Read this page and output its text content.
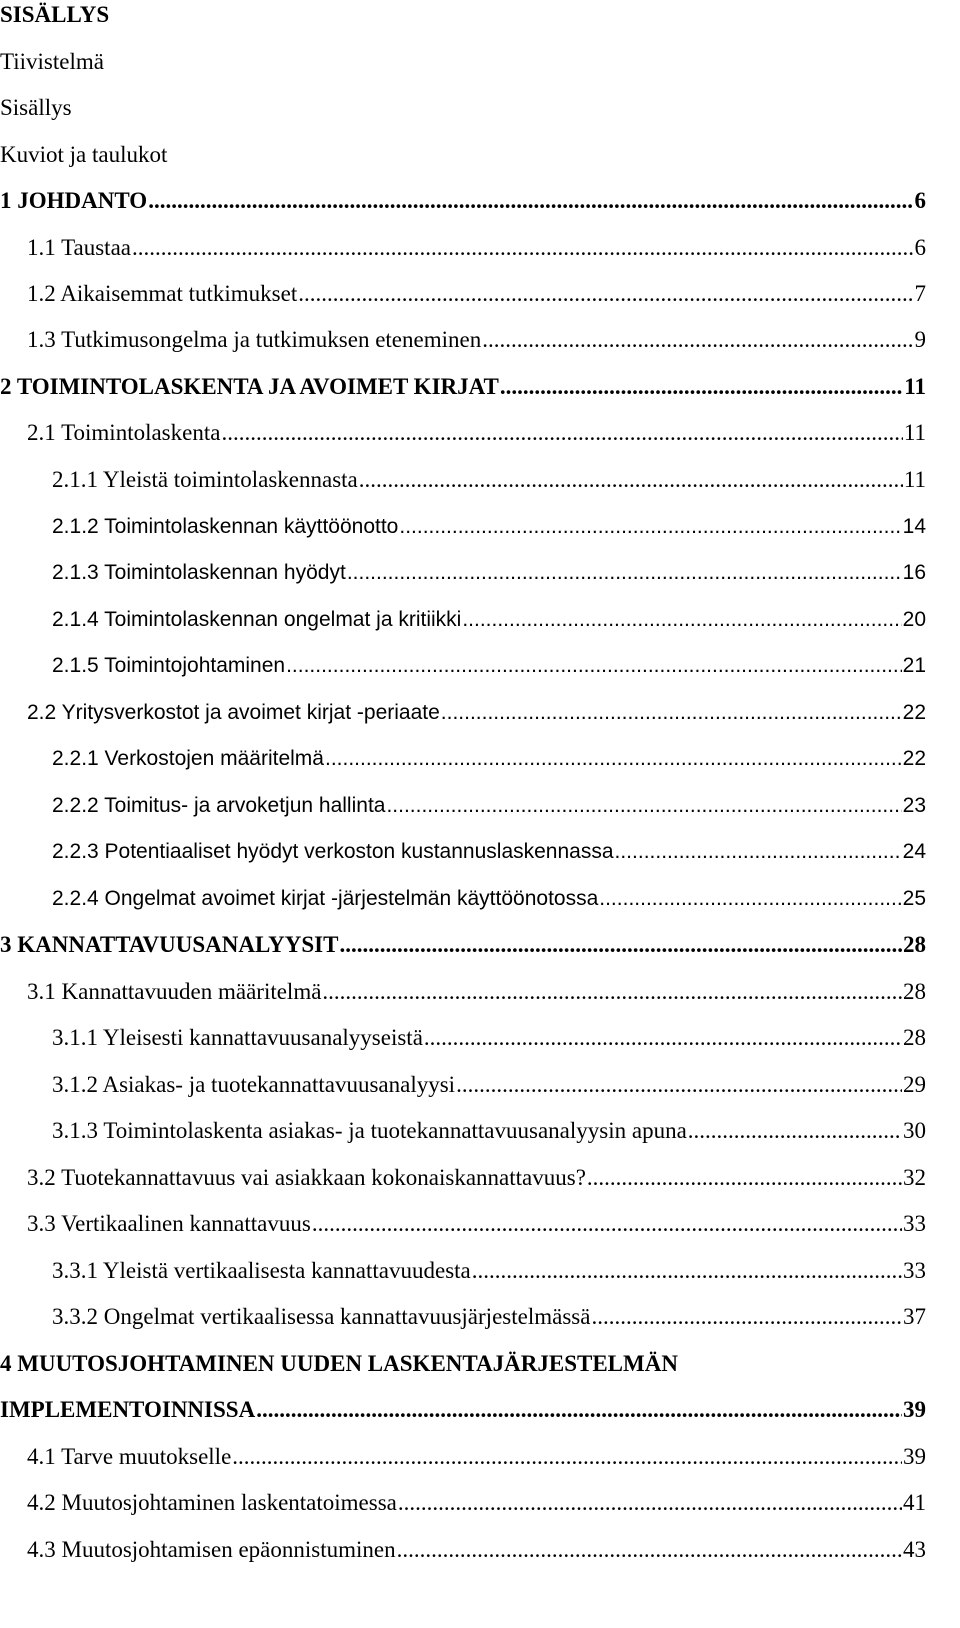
SISÄLLYS
Tiivistelmä
Sisällys
Kuviot ja taulukot
1 JOHDANTO .....	6
1.1 Taustaa .....	6
1.2 Aikaisemmat tutkimukset .....	7
1.3 Tutkimusongelma ja tutkimuksen eteneminen .....	9
2 TOIMINTOLASKENTA JA AVOIMET KIRJAT .....	11
2.1 Toimintolaskenta .....	11
2.1.1 Yleistä toimintolaskennasta .....	11
2.1.2 Toimintolaskennan käyttöönotto .....	14
2.1.3 Toimintolaskennan hyödyt .....	16
2.1.4 Toimintolaskennan ongelmat ja kritiikki .....	20
2.1.5 Toimintojohtaminen .....	21
2.2 Yritysverkostot ja avoimet kirjat -periaate .....	22
2.2.1 Verkostojen määritelmä .....	22
2.2.2 Toimitus- ja arvoketjun hallinta .....	23
2.2.3 Potentiaaliset hyödyt verkoston kustannuslaskennassa .....	24
2.2.4 Ongelmat avoimet kirjat -järjestelmän käyttöönotossa .....	25
3 KANNATTAVUUSANALYYSIT .....	28
3.1 Kannattavuuden määritelmä .....	28
3.1.1 Yleisesti kannattavuusanalyyseistä .....	28
3.1.2 Asiakas- ja tuotekannattavuusanalyysi .....	29
3.1.3 Toimintolaskenta asiakas- ja tuotekannattavuusanalyysin apuna .....	30
3.2 Tuotekannattavuus vai asiakkaan kokonaiskannattavuus? .....	32
3.3 Vertikaalinen kannattavuus .....	33
3.3.1 Yleistä vertikaalisesta kannattavuudesta .....	33
3.3.2 Ongelmat vertikaalisessa kannattavuusjärjestelmässä .....	37
4 MUUTOSJOHTAMINEN UUDEN LASKENTAJÄRJESTELMÄN
IMPLEMENTOINNISSA .....	39
4.1 Tarve muutokselle .....	39
4.2 Muutosjohtaminen laskentatoimessa .....	41
4.3 Muutosjohtamisen epäonnistuminen .....	43
